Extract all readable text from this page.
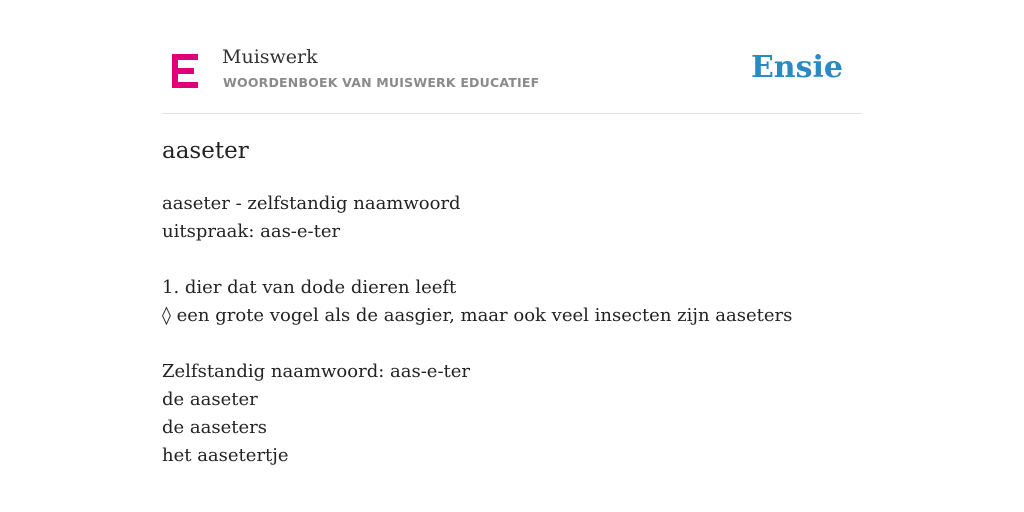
Muiswerk
WOORDENBOEK VAN MUISWERK EDUCATIEF	Ensie
aaseter
aaseter - zelfstandig naamwoord
uitspraak: aas-e-ter
1. dier dat van dode dieren leeft
◊ een grote vogel als de aasgier, maar ook veel insecten zijn aaseters
Zelfstandig naamwoord: aas-e-ter
de aaseter
de aaseters
het aasetertje
